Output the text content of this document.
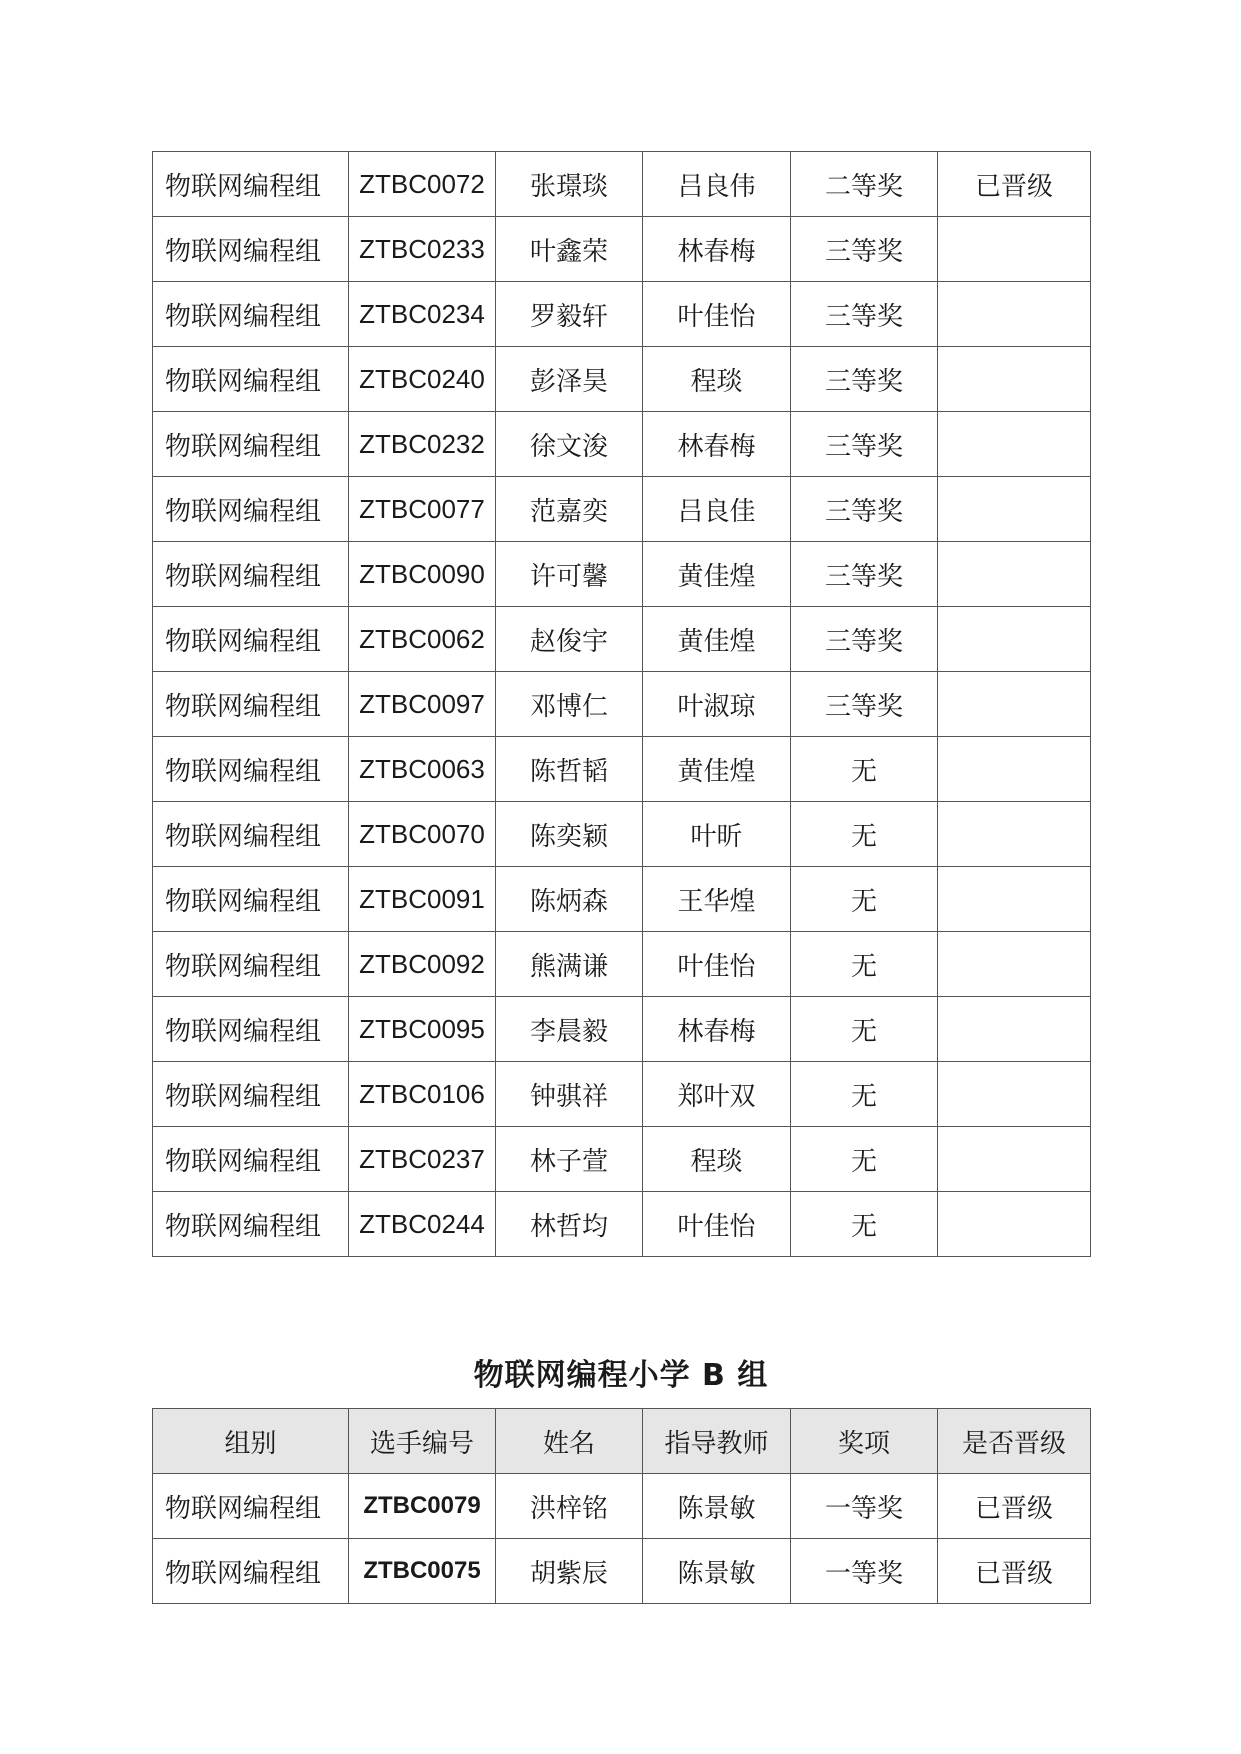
物联网编程组	ZTBC0072	张璟琰	吕良伟	二等奖	已晋级
物联网编程组	ZTBC0233	叶鑫荣	林春梅	三等奖	
物联网编程组	ZTBC0234	罗毅轩	叶佳怡	三等奖	
物联网编程组	ZTBC0240	彭泽昊	程琰	三等奖	
物联网编程组	ZTBC0232	徐文浚	林春梅	三等奖	
物联网编程组	ZTBC0077	范嘉奕	吕良佳	三等奖	
物联网编程组	ZTBC0090	许可馨	黄佳煌	三等奖	
物联网编程组	ZTBC0062	赵俊宇	黄佳煌	三等奖	
物联网编程组	ZTBC0097	邓博仁	叶淑琼	三等奖	
物联网编程组	ZTBC0063	陈哲韬	黄佳煌	无	
物联网编程组	ZTBC0070	陈奕颖	叶昕	无	
物联网编程组	ZTBC0091	陈炳森	王华煌	无	
物联网编程组	ZTBC0092	熊满谦	叶佳怡	无	
物联网编程组	ZTBC0095	李晨毅	林春梅	无	
物联网编程组	ZTBC0106	钟骐祥	郑叶双	无	
物联网编程组	ZTBC0237	林子萱	程琰	无	
物联网编程组	ZTBC0244	林哲均	叶佳怡	无	
物联网编程小学 B 组
组别	选手编号	姓名	指导教师	奖项	是否晋级
物联网编程组	ZTBC0079	洪梓铭	陈景敏	一等奖	已晋级
物联网编程组	ZTBC0075	胡紫辰	陈景敏	一等奖	已晋级
